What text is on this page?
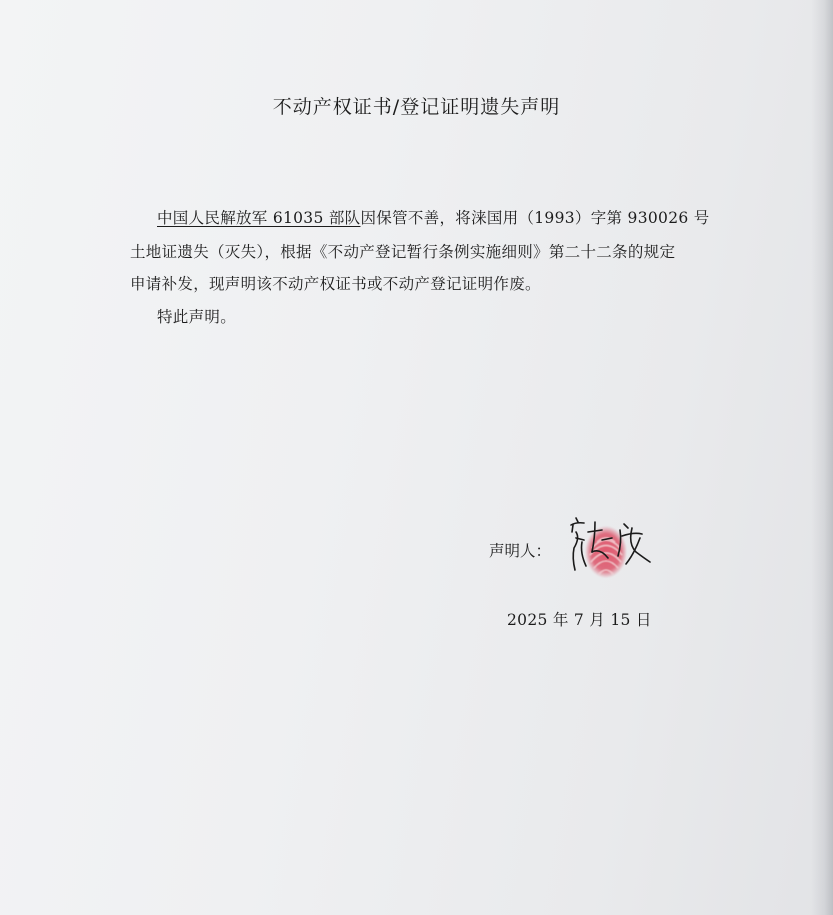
不动产权证书/登记证明遗失声明
中国人民解放军 61035 部队因保管不善，将涞国用（1993）字第 930026 号
土地证遗失（灭失），根据《不动产登记暂行条例实施细则》第二十二条的规定
申请补发，现声明该不动产权证书或不动产登记证明作废。
特此声明。
声明人：
2025 年 7 月 15 日
